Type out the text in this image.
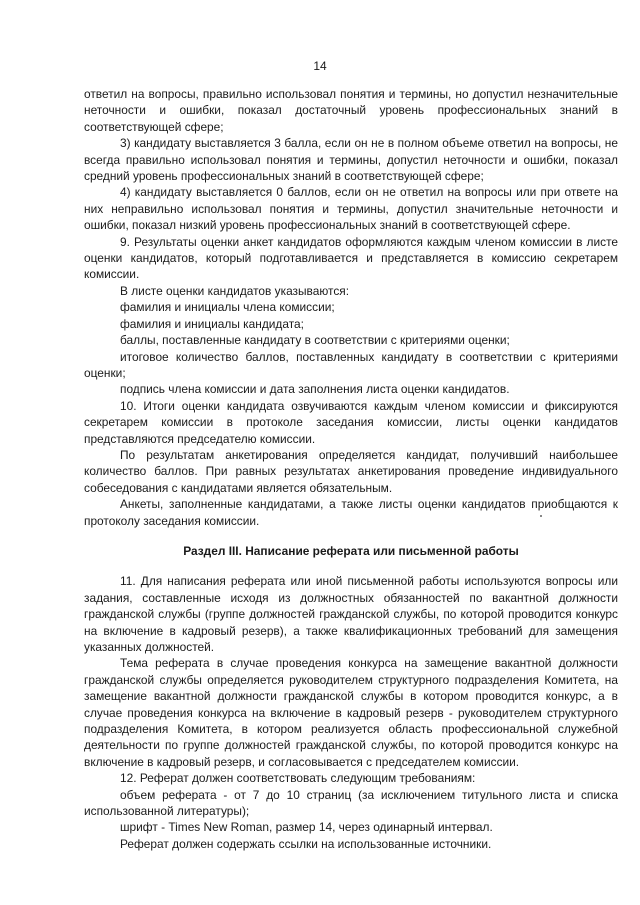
14

ответил на вопросы, правильно использовал понятия и термины, но допустил незначительные неточности и ошибки, показал достаточный уровень профессиональных знаний в соответствующей сфере;

3) кандидату выставляется 3 балла, если он не в полном объеме ответил на вопросы, не всегда правильно использовал понятия и термины, допустил неточности и ошибки, показал средний уровень профессиональных знаний в соответствующей сфере;

4) кандидату выставляется 0 баллов, если он не ответил на вопросы или при ответе на них неправильно использовал понятия и термины, допустил значительные неточности и ошибки, показал низкий уровень профессиональных знаний в соответствующей сфере.

9. Результаты оценки анкет кандидатов оформляются каждым членом комиссии в листе оценки кандидатов, который подготавливается и представляется в комиссию секретарем комиссии.

В листе оценки кандидатов указываются:

фамилия и инициалы члена комиссии;

фамилия и инициалы кандидата;

баллы, поставленные кандидату в соответствии с критериями оценки;

итоговое количество баллов, поставленных кандидату в соответствии с критериями оценки;

подпись члена комиссии и дата заполнения листа оценки кандидатов.

10. Итоги оценки кандидата озвучиваются каждым членом комиссии и фиксируются секретарем комиссии в протоколе заседания комиссии, листы оценки кандидатов представляются председателю комиссии.

По результатам анкетирования определяется кандидат, получивший наибольшее количество баллов. При равных результатах анкетирования проведение индивидуального собеседования с кандидатами является обязательным.

Анкеты, заполненные кандидатами, а также листы оценки кандидатов приобщаются к протоколу заседания комиссии.

Раздел III. Написание реферата или письменной работы

11. Для написания реферата или иной письменной работы используются вопросы или задания, составленные исходя из должностных обязанностей по вакантной должности гражданской службы (группе должностей гражданской службы, по которой проводится конкурс на включение в кадровый резерв), а также квалификационных требований для замещения указанных должностей.

Тема реферата в случае проведения конкурса на замещение вакантной должности гражданской службы определяется руководителем структурного подразделения Комитета, на замещение вакантной должности гражданской службы в котором проводится конкурс, а в случае проведения конкурса на включение в кадровый резерв - руководителем структурного подразделения Комитета, в котором реализуется область профессиональной служебной деятельности по группе должностей гражданской службы, по которой проводится конкурс на включение в кадровый резерв, и согласовывается с председателем комиссии.

12. Реферат должен соответствовать следующим требованиям:

объем реферата - от 7 до 10 страниц (за исключением титульного листа и списка использованной литературы);

шрифт - Times New Roman, размер 14, через одинарный интервал.

Реферат должен содержать ссылки на использованные источники.
